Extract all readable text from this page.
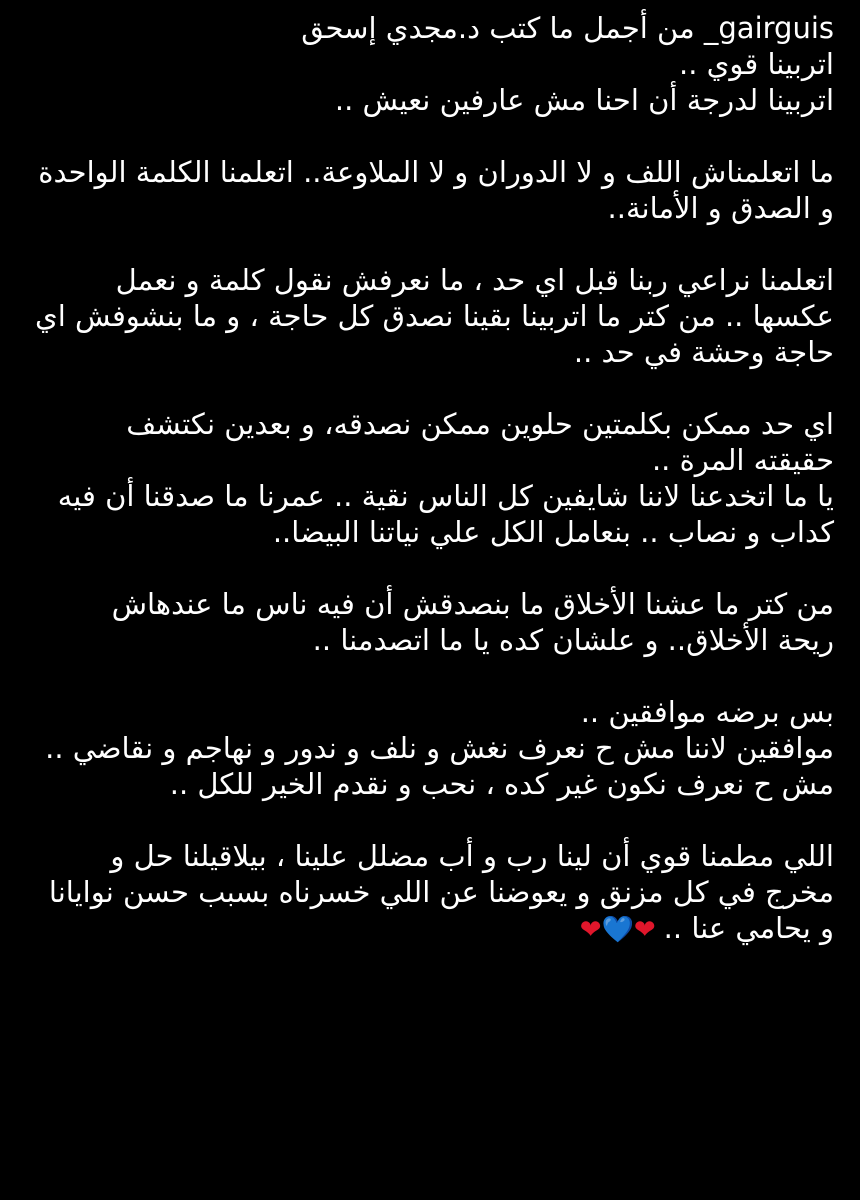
gairguis_ من أجمل ما كتب د.مجدي إسحق
اتربينا قوي ..
اتربينا لدرجة أن احنا مش عارفين نعيش ..
ما اتعلمناش اللف و لا الدوران و لا الملاوعة.. اتعلمنا الكلمة الواحدة
و الصدق و الأمانة..
اتعلمنا نراعي ربنا قبل اي حد ، ما نعرفش نقول كلمة و نعمل
عكسها .. من كتر ما اتربينا بقينا نصدق كل حاجة ، و ما بنشوفش اي
حاجة وحشة في حد ..
اي حد ممكن بكلمتين حلوين ممكن نصدقه، و بعدين نكتشف
حقيقته المرة ..
يا ما اتخدعنا لاننا شايفين كل الناس نقية .. عمرنا ما صدقنا أن فيه
كداب و نصاب .. بنعامل الكل علي نياتنا البيضا..
من كتر ما عشنا الأخلاق ما بنصدقش أن فيه ناس ما عندهاش
ريحة الأخلاق.. و علشان كده يا ما اتصدمنا ..
بس برضه موافقين ..
موافقين لاننا مش ح نعرف نغش و نلف و ندور و نهاجم و نقاضي ..
مش ح نعرف نكون غير كده ، نحب و نقدم الخير للكل ..
اللي مطمنا قوي أن لينا رب و أب مضلل علينا ، بيلاقيلنا حل و
مخرج في كل مزنق و يعوضنا عن اللي خسرناه بسبب حسن نوايانا
و يحامي عنا ..❤💙❤
